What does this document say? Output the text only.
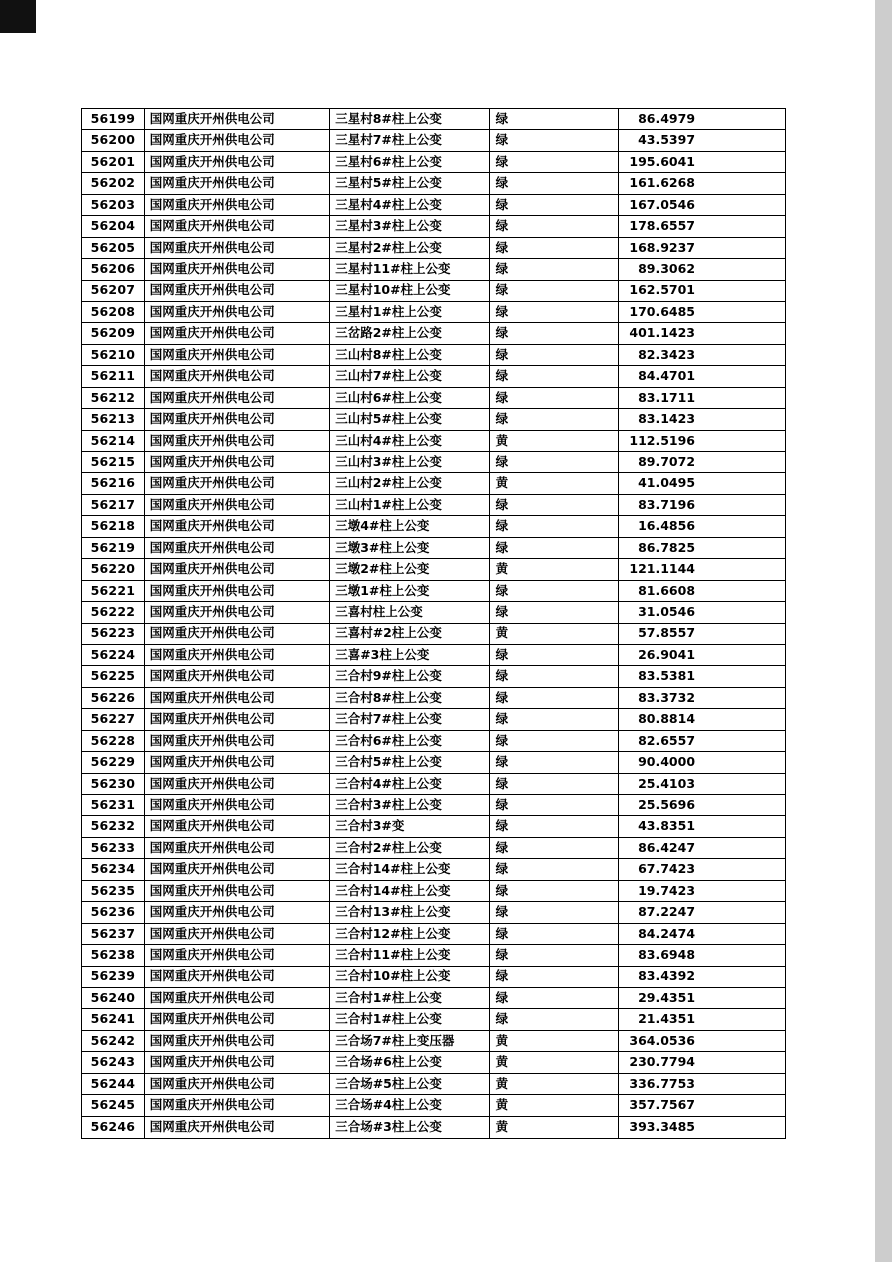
56199	国网重庆开州供电公司	三星村8#柱上公变	绿	86.4979
56200	国网重庆开州供电公司	三星村7#柱上公变	绿	43.5397
56201	国网重庆开州供电公司	三星村6#柱上公变	绿	195.6041
56202	国网重庆开州供电公司	三星村5#柱上公变	绿	161.6268
56203	国网重庆开州供电公司	三星村4#柱上公变	绿	167.0546
56204	国网重庆开州供电公司	三星村3#柱上公变	绿	178.6557
56205	国网重庆开州供电公司	三星村2#柱上公变	绿	168.9237
56206	国网重庆开州供电公司	三星村11#柱上公变	绿	89.3062
56207	国网重庆开州供电公司	三星村10#柱上公变	绿	162.5701
56208	国网重庆开州供电公司	三星村1#柱上公变	绿	170.6485
56209	国网重庆开州供电公司	三岔路2#柱上公变	绿	401.1423
56210	国网重庆开州供电公司	三山村8#柱上公变	绿	82.3423
56211	国网重庆开州供电公司	三山村7#柱上公变	绿	84.4701
56212	国网重庆开州供电公司	三山村6#柱上公变	绿	83.1711
56213	国网重庆开州供电公司	三山村5#柱上公变	绿	83.1423
56214	国网重庆开州供电公司	三山村4#柱上公变	黄	112.5196
56215	国网重庆开州供电公司	三山村3#柱上公变	绿	89.7072
56216	国网重庆开州供电公司	三山村2#柱上公变	黄	41.0495
56217	国网重庆开州供电公司	三山村1#柱上公变	绿	83.7196
56218	国网重庆开州供电公司	三墩4#柱上公变	绿	16.4856
56219	国网重庆开州供电公司	三墩3#柱上公变	绿	86.7825
56220	国网重庆开州供电公司	三墩2#柱上公变	黄	121.1144
56221	国网重庆开州供电公司	三墩1#柱上公变	绿	81.6608
56222	国网重庆开州供电公司	三喜村柱上公变	绿	31.0546
56223	国网重庆开州供电公司	三喜村#2柱上公变	黄	57.8557
56224	国网重庆开州供电公司	三喜#3柱上公变	绿	26.9041
56225	国网重庆开州供电公司	三合村9#柱上公变	绿	83.5381
56226	国网重庆开州供电公司	三合村8#柱上公变	绿	83.3732
56227	国网重庆开州供电公司	三合村7#柱上公变	绿	80.8814
56228	国网重庆开州供电公司	三合村6#柱上公变	绿	82.6557
56229	国网重庆开州供电公司	三合村5#柱上公变	绿	90.4000
56230	国网重庆开州供电公司	三合村4#柱上公变	绿	25.4103
56231	国网重庆开州供电公司	三合村3#柱上公变	绿	25.5696
56232	国网重庆开州供电公司	三合村3#变	绿	43.8351
56233	国网重庆开州供电公司	三合村2#柱上公变	绿	86.4247
56234	国网重庆开州供电公司	三合村14#柱上公变	绿	67.7423
56235	国网重庆开州供电公司	三合村14#柱上公变	绿	19.7423
56236	国网重庆开州供电公司	三合村13#柱上公变	绿	87.2247
56237	国网重庆开州供电公司	三合村12#柱上公变	绿	84.2474
56238	国网重庆开州供电公司	三合村11#柱上公变	绿	83.6948
56239	国网重庆开州供电公司	三合村10#柱上公变	绿	83.4392
56240	国网重庆开州供电公司	三合村1#柱上公变	绿	29.4351
56241	国网重庆开州供电公司	三合村1#柱上公变	绿	21.4351
56242	国网重庆开州供电公司	三合场7#柱上变压器	黄	364.0536
56243	国网重庆开州供电公司	三合场#6柱上公变	黄	230.7794
56244	国网重庆开州供电公司	三合场#5柱上公变	黄	336.7753
56245	国网重庆开州供电公司	三合场#4柱上公变	黄	357.7567
56246	国网重庆开州供电公司	三合场#3柱上公变	黄	393.3485
